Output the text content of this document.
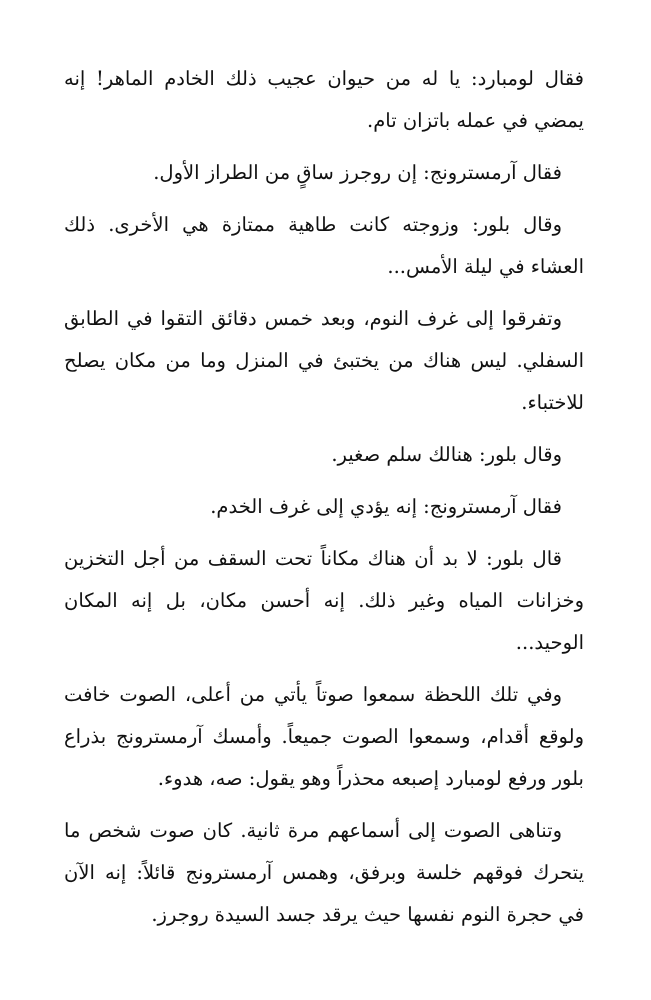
فقال لومبارد: يا له من حيوان عجيب ذلك الخادم الماهر! إنه يمضي في عمله باتزان تام.

فقال آرمسترونج: إن روجرز ساقٍ من الطراز الأول.

وقال بلور: وزوجته كانت طاهية ممتازة هي الأخرى. ذلك العشاء في ليلة الأمس...

وتفرقوا إلى غرف النوم، وبعد خمس دقائق التقوا في الطابق السفلي. ليس هناك من يختبئ في المنزل وما من مكان يصلح للاختباء.

وقال بلور: هنالك سلم صغير.

فقال آرمسترونج: إنه يؤدي إلى غرف الخدم.

قال بلور: لا بد أن هناك مكاناً تحت السقف من أجل التخزين وخزانات المياه وغير ذلك. إنه أحسن مكان، بل إنه المكان الوحيد...

وفي تلك اللحظة سمعوا صوتاً يأتي من أعلى، الصوت خافت ولوقع أقدام، وسمعوا الصوت جميعاً. وأمسك آرمسترونج بذراع بلور ورفع لومبارد إصبعه محذراً وهو يقول: صه، هدوء.

وتناهى الصوت إلى أسماعهم مرة ثانية. كان صوت شخص ما يتحرك فوقهم خلسة وبرفق، وهمس آرمسترونج قائلاً: إنه الآن في حجرة النوم نفسها حيث يرقد جسد السيدة روجرز.
